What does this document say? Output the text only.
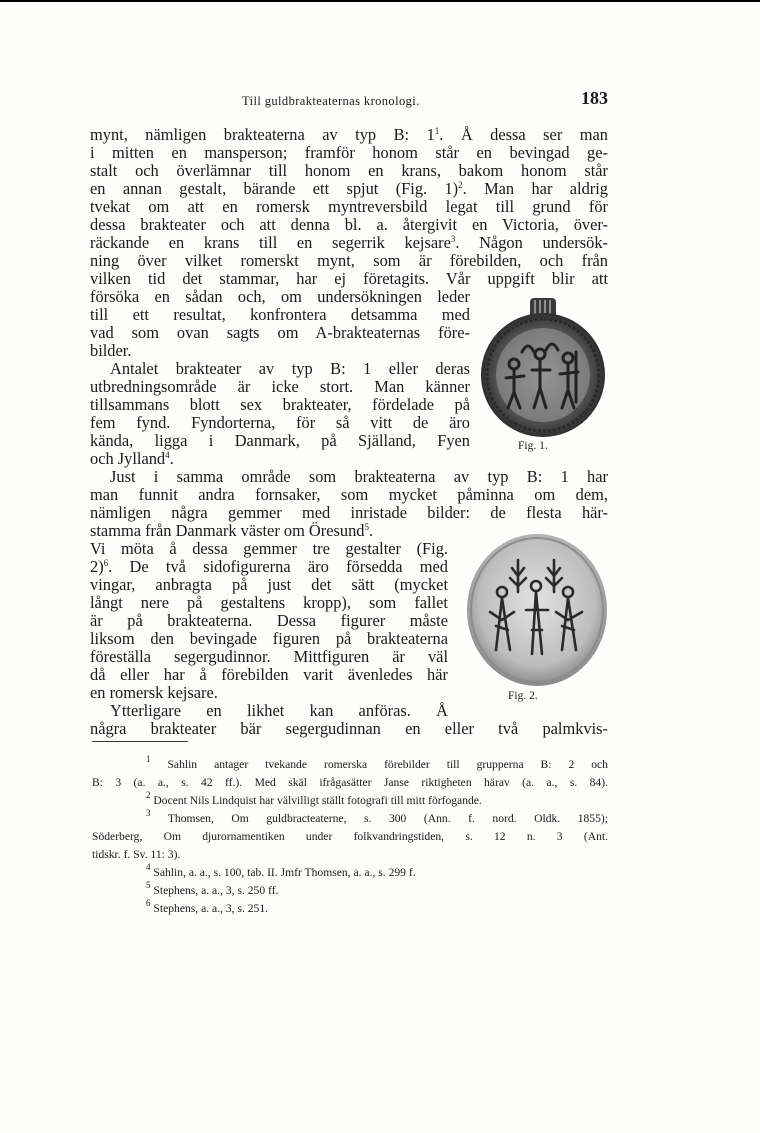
Till guldbrakteaternas kronologi.	183
mynt, nämligen brakteaterna av typ B: $1^1$. Å dessa ser man
i mitten en mansperson; framför honom står en bevingad ge-
stalt och överlämnar till honom en krans, bakom honom står
en annan gestalt, bärande ett spjut (Fig. 1)$^2$. Man har aldrig
tvekat om att en romersk myntreversbild legat till grund för
dessa brakteater och att denna bl. a. återgivit en Victoria, över-
räckande en krans till en segerrik kejsare$^3$. Någon undersök-
ning över vilket romerskt mynt, som är förebilden, och från
vilken tid det stammar, har ej företagits. Vår uppgift blir att
försöka en sådan och, om undersökningen leder
till ett resultat, konfrontera detsamma med
vad som ovan sagts om A-brakteaternas före-
bilder.
Antalet brakteater av typ B: 1 eller deras
utbredningsområde är icke stort. Man känner
tillsammans blott sex brakteater, fördelade på
fem fynd. Fyndorterna, för så vitt de äro
kända, ligga i Danmark, på Själland, Fyen
och Jylland$^4$.
Just i samma område som brakteaterna av typ B: 1 har
man funnit andra fornsaker, som mycket påminna om dem,
nämligen några gemmer med inristade bilder: de flesta här-
stamma från Danmark väster om Öresund$^5$.
Vi möta å dessa gemmer tre gestalter (Fig.
2)$^6$. De två sidofigurerna äro försedda med
vingar, anbragta på just det sätt (mycket
långt nere på gestaltens kropp), som fallet
är på brakteaterna. Dessa figurer måste
liksom den bevingade figuren på brakteaterna
föreställa segergudinnor. Mittfiguren är väl
då eller har å förebilden varit ävenledes här
en romersk kejsare.
Ytterligare en likhet kan anföras. Å
några brakteater bär segergudinnan en eller två palmkvis-
Fig. 1.
Fig. 2.
$^1$ Sahlin antager tvekande romerska förebilder till grupperna B: 2 och
B: 3 (a. a., s. 42 ff.). Med skäl ifrågasätter Janse riktigheten härav (a. a., s. 84).
$^2$ Docent Nils Lindquist har välvilligt ställt fotografi till mitt förfogande.
$^3$ Thomsen, Om guldbracteaterne, s. 300 (Ann. f. nord. Oldk. 1855);
Söderberg, Om djurornamentiken under folkvandringstiden, s. 12 n. 3 (Ant.
tidskr. f. Sv. 11: 3).
$^4$ Sahlin, a. a., s. 100, tab. II. Jmfr Thomsen, a. a., s. 299 f.
$^5$ Stephens, a. a., 3, s. 250 ff.
$^6$ Stephens, a. a., 3, s. 251.
